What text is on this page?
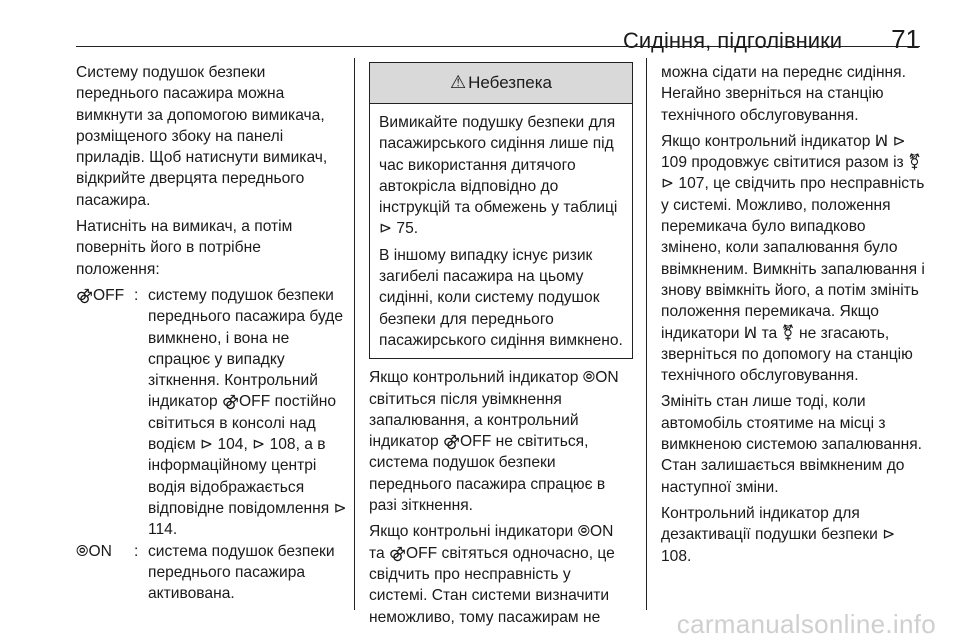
Сидіння, підголівники 71

Систему подушок безпеки переднього пасажира можна вимкнути за допомогою вимикача, розміщеного збоку на панелі приладів. Щоб натиснути вимикач, відкрийте дверцята переднього пасажира.

Натисніть на вимикач, а потім поверніть його в потрібне положення:

⚣OFF : систему подушок безпеки переднього пасажира буде вимкнено, і вона не спрацює у випадку зіткнення. Контрольний індикатор ⚣OFF постійно світиться в консолі над водієм ⊳ 104, ⊳ 108, а в інформаційному центрі водія відображається відповідне повідомлення ⊳ 114.
⦾ON	: система подушок безпеки переднього пасажира активована.
⚠ Небезпека

Вимикайте подушку безпеки для пасажирського сидіння лише під час використання дитячого автокрісла відповідно до інструкцій та обмежень у таблиці ⊳ 75.

В іншому випадку існує ризик загибелі пасажира на цьому сидінні, коли систему подушок безпеки для переднього пасажирського сидіння вимкнено.

Якщо контрольний індикатор ⦾ON світиться після увімкнення запалювання, а контрольний індикатор ⚣OFF не світиться, система подушок безпеки переднього пасажира спрацює в разі зіткнення.

Якщо контрольні індикатори ⦾ON та ⚣OFF світяться одночасно, це свідчить про несправність у системі. Стан системи визначити неможливо, тому пасажирам не

можна сідати на переднє сидіння. Негайно зверніться на станцію технічного обслуговування.

Якщо контрольний індикатор ꟽ ⊳ 109 продовжує світитися разом із ⚧ ⊳ 107, це свідчить про несправність у системі. Можливо, положення перемикача було випадково змінено, коли запалювання було ввімкненим. Вимкніть запалювання і знову ввімкніть його, а потім змініть положення перемикача. Якщо індикатори ꟽ та ⚧ не згасають, зверніться по допомогу на станцію технічного обслуговування.

Змініть стан лише тоді, коли автомобіль стоятиме на місці з вимкненою системою запалювання. Стан залишається ввімкненим до наступної зміни.

Контрольний індикатор для дезактивації подушки безпеки ⊳ 108.

carmanualsonline.info
